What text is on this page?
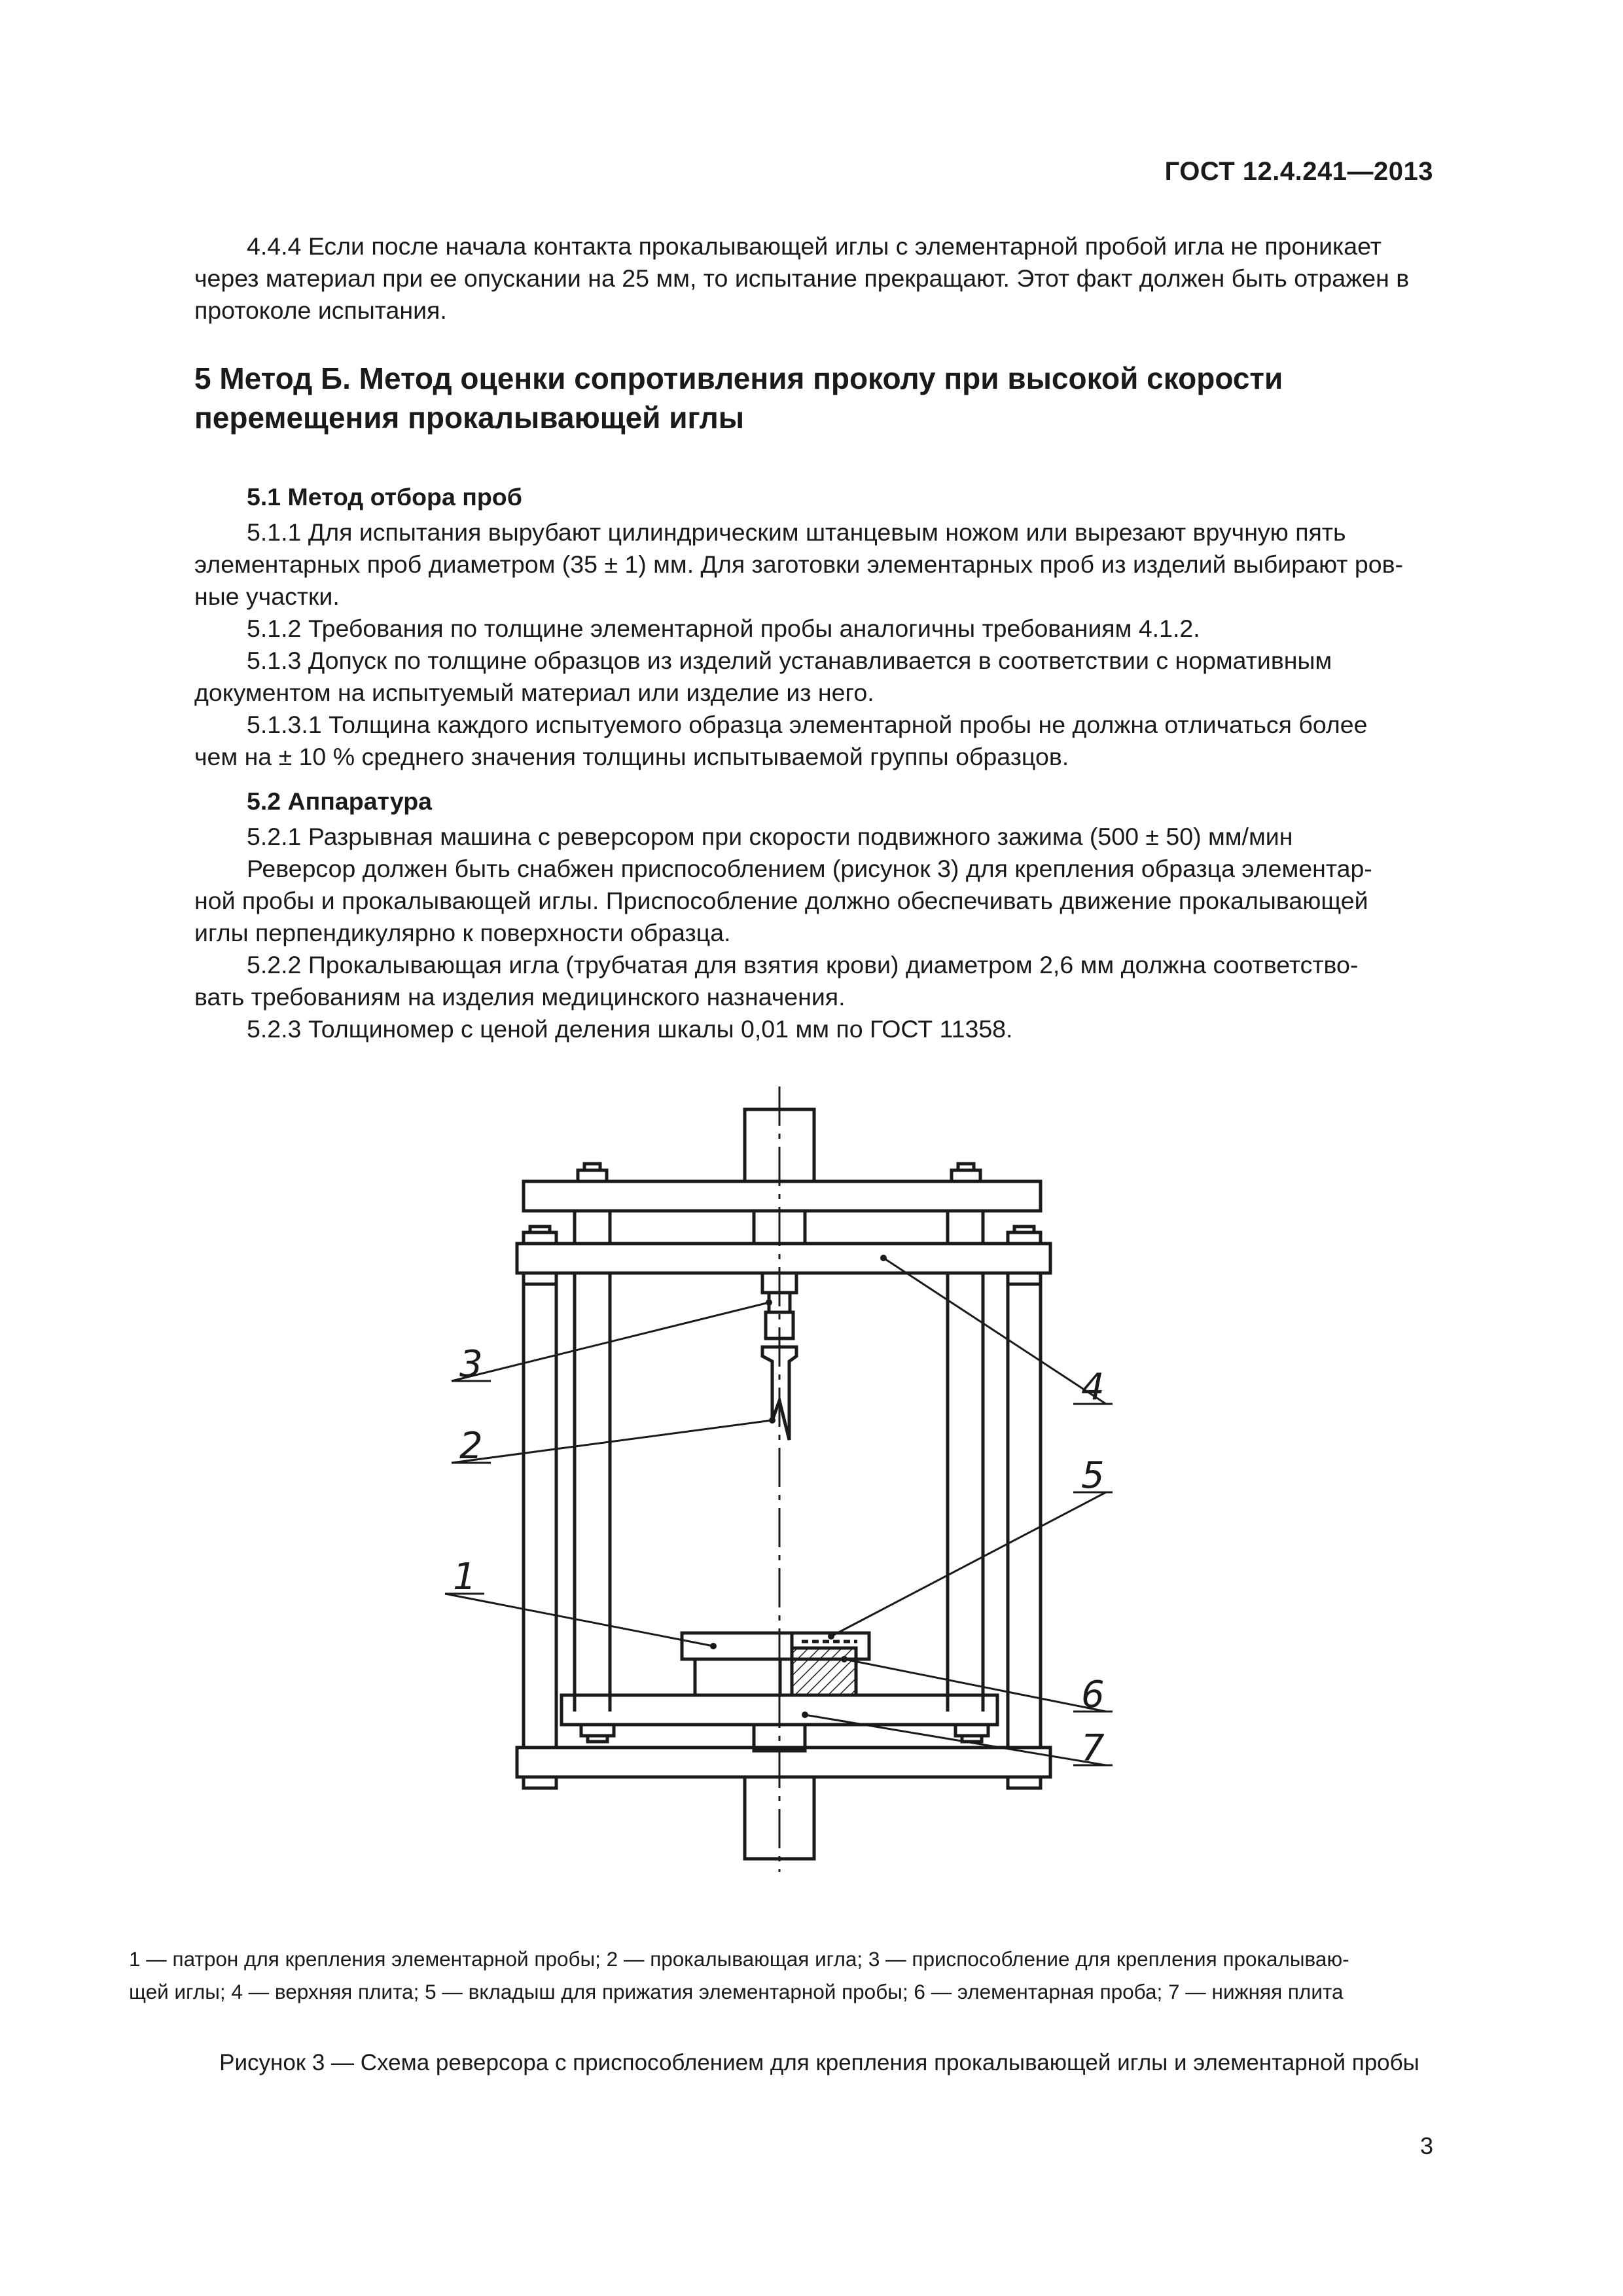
ГОСТ 12.4.241—2013

4.4.4 Если после начала контакта прокалывающей иглы с элементарной пробой игла не проникает

через материал при ее опускании на 25 мм, то испытание прекращают. Этот факт должен быть отражен в

протоколе испытания.

5 Метод Б. Метод оценки сопротивления проколу при высокой скорости
перемещения прокалывающей иглы

5.1 Метод отбора проб

5.1.1 Для испытания вырубают цилиндрическим штанцевым ножом или вырезают вручную пять

элементарных проб диаметром (35 ± 1) мм. Для заготовки элементарных проб из изделий выбирают ров-

ные участки.

5.1.2 Требования по толщине элементарной пробы аналогичны требованиям 4.1.2.

5.1.3 Допуск по толщине образцов из изделий устанавливается в соответствии с нормативным

документом на испытуемый материал или изделие из него.

5.1.3.1 Толщина каждого испытуемого образца элементарной пробы не должна отличаться более

чем на ± 10 % среднего значения толщины испытываемой группы образцов.

5.2 Аппаратура

5.2.1 Разрывная машина с реверсором при скорости подвижного зажима (500 ± 50) мм/мин

Реверсор должен быть снабжен приспособлением (рисунок 3) для крепления образца элементар-

ной пробы и прокалывающей иглы. Приспособление должно обеспечивать движение прокалывающей

иглы перпендикулярно к поверхности образца.

5.2.2 Прокалывающая игла (трубчатая для взятия крови) диаметром 2,6 мм должна соответство-

вать требованиям на изделия медицинского назначения.

5.2.3 Толщиномер с ценой деления шкалы 0,01 мм по ГОСТ 11358.

3
2
1
4
5
6
7
1 — патрон для крепления элементарной пробы; 2 — прокалывающая игла; 3 — приспособление для крепления прокалываю-
щей иглы; 4 — верхняя плита; 5 — вкладыш для прижатия элементарной пробы; 6 — элементарная проба; 7 — нижняя плита
Рисунок 3 — Схема реверсора с приспособлением для крепления прокалывающей иглы и элементарной пробы
3
